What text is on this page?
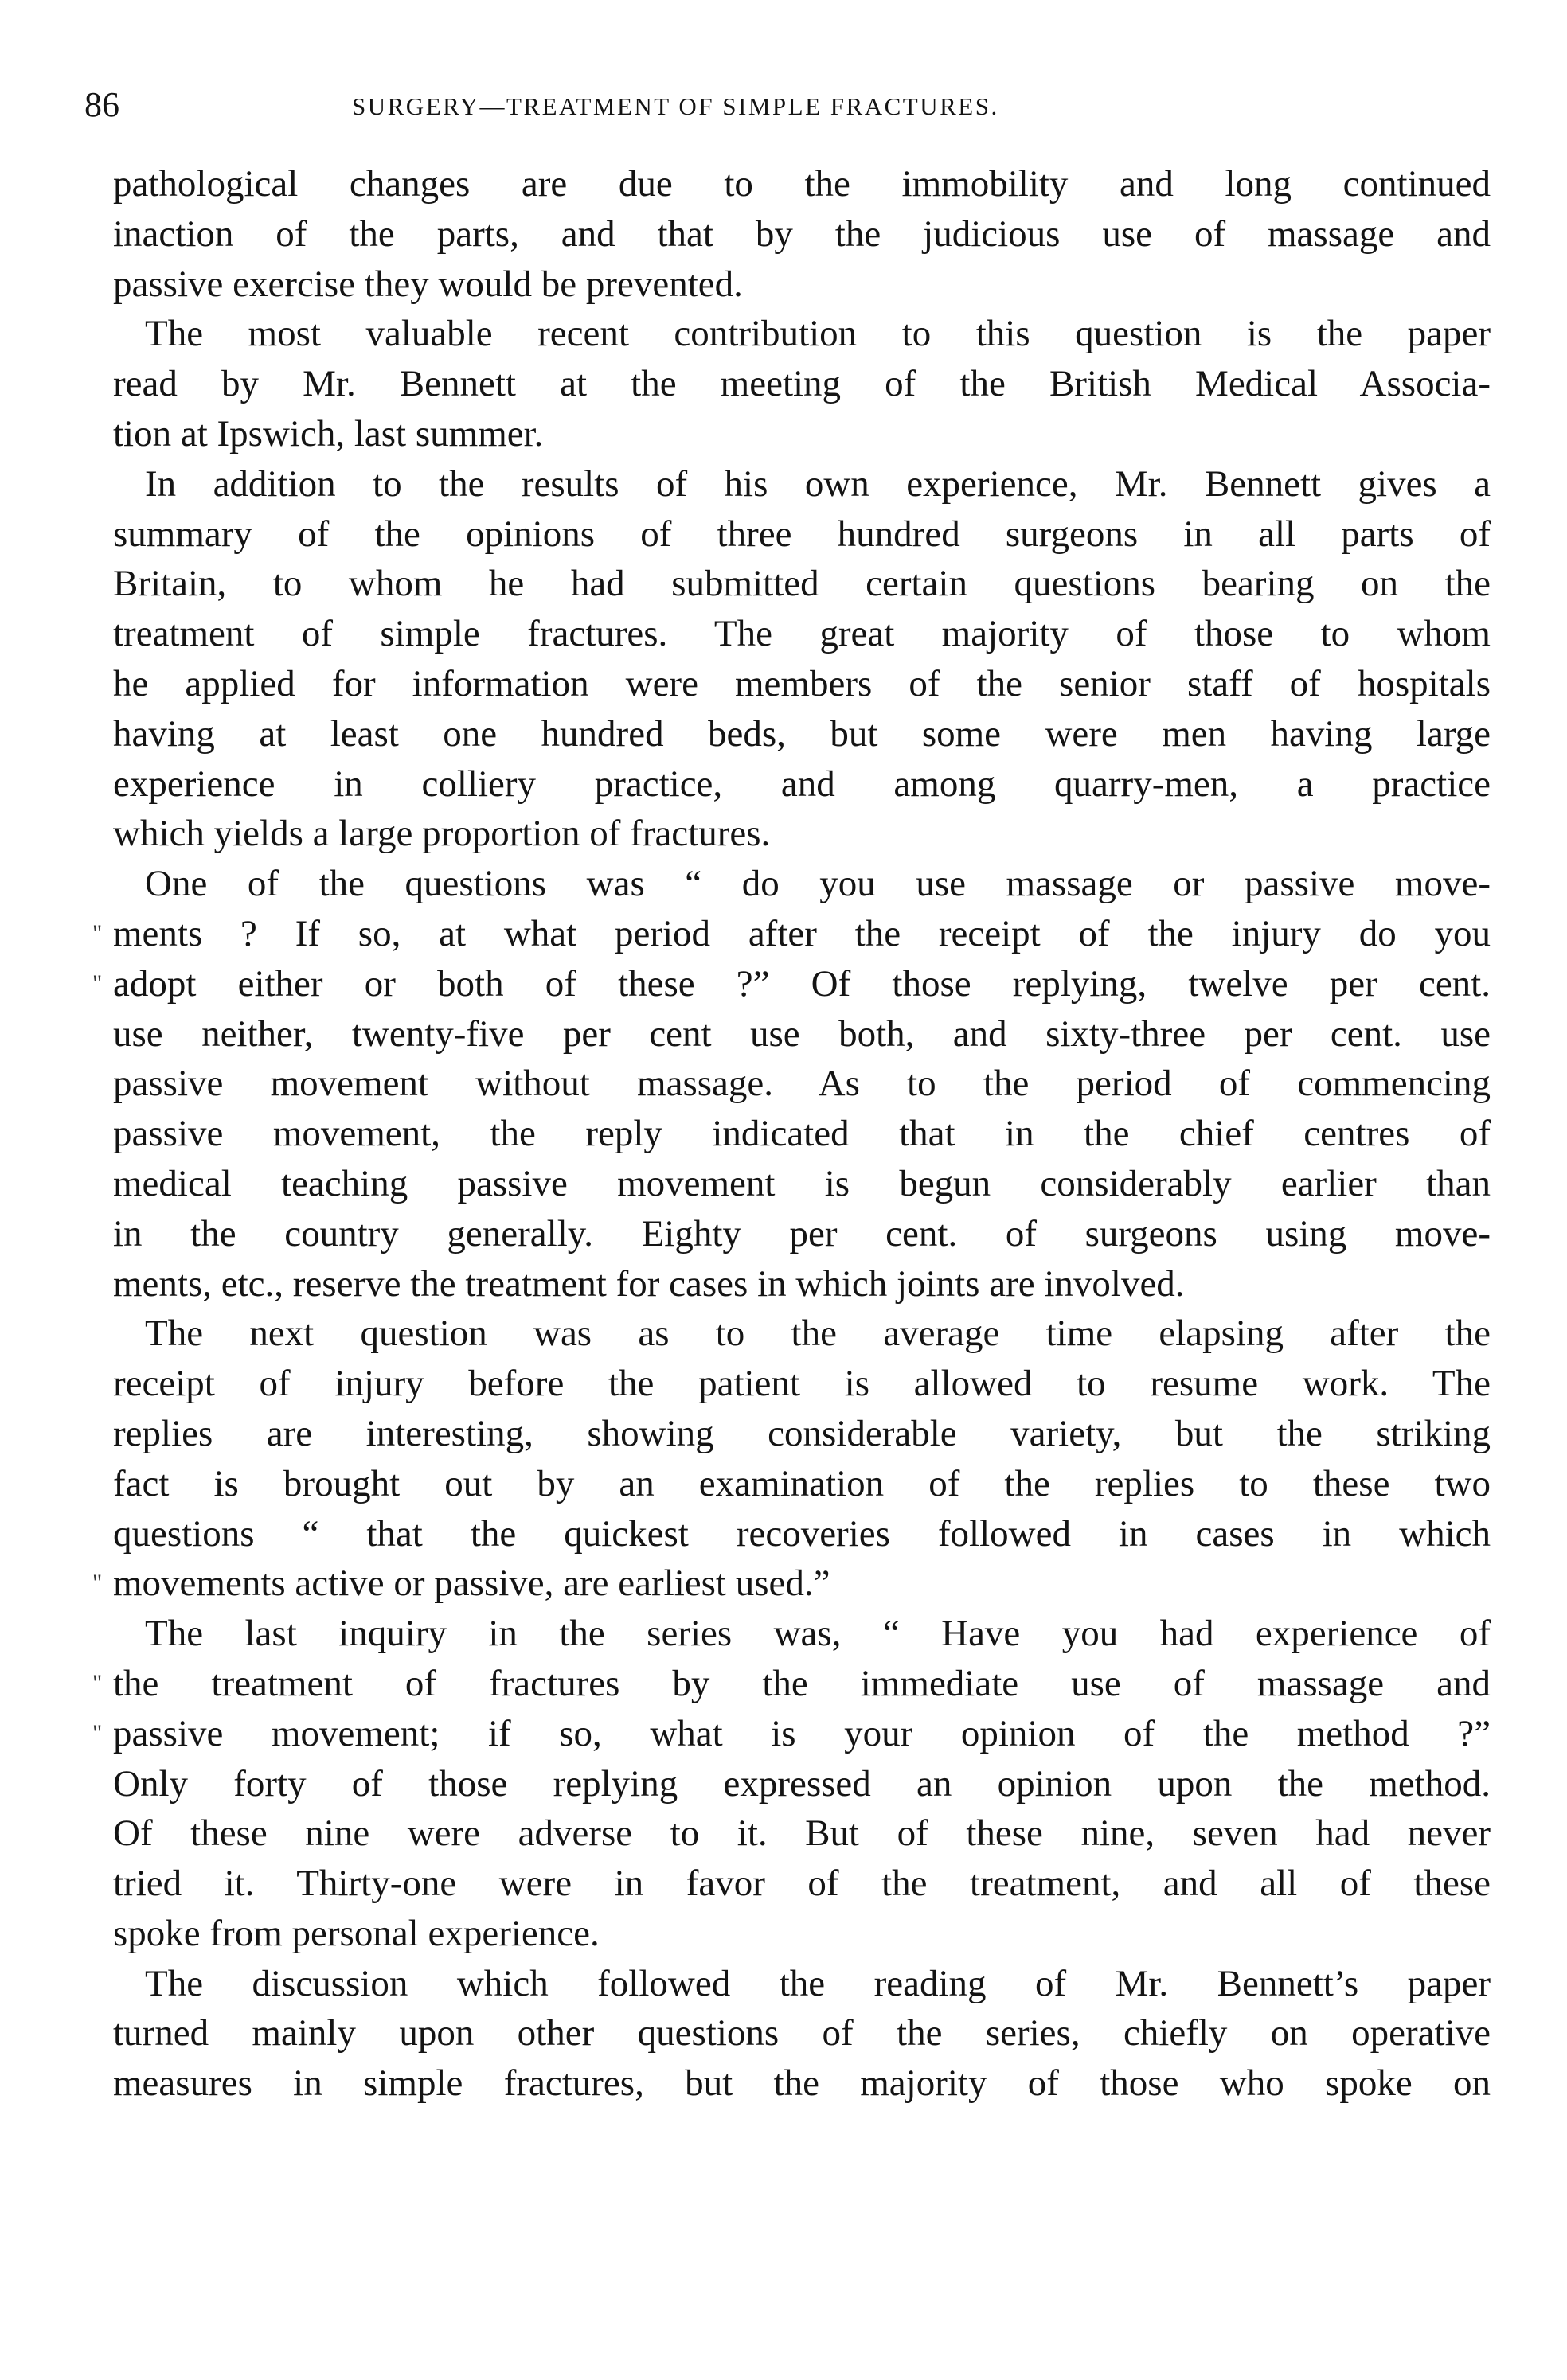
86	SURGERY—TREATMENT OF SIMPLE FRACTURES.
pathological changes are due to the immobility and long continued
inaction of the parts, and that by the judicious use of massage and
passive exercise they would be prevented.
The most valuable recent contribution to this question is the paper
read by Mr. Bennett at the meeting of the British Medical Associa-
tion at Ipswich, last summer.
In addition to the results of his own experience, Mr. Bennett gives a
summary of the opinions of three hundred surgeons in all parts of
Britain, to whom he had submitted certain questions bearing on the
treatment of simple fractures. The great majority of those to whom
he applied for information were members of the senior staff of hospitals
having at least one hundred beds, but some were men having large
experience in colliery practice, and among quarry-men, a practice
which yields a large proportion of fractures.
One of the questions was “ do you use massage or passive move-
" ments ? If so, at what period after the receipt of the injury do you
" adopt either or both of these ?” Of those replying, twelve per cent.
use neither, twenty-five per cent use both, and sixty-three per cent. use
passive movement without massage. As to the period of commencing
passive movement, the reply indicated that in the chief centres of
medical teaching passive movement is begun considerably earlier than
in the country generally. Eighty per cent. of surgeons using move-
ments, etc., reserve the treatment for cases in which joints are involved.
The next question was as to the average time elapsing after the
receipt of injury before the patient is allowed to resume work. The
replies are interesting, showing considerable variety, but the striking
fact is brought out by an examination of the replies to these two
questions “ that the quickest recoveries followed in cases in which
" movements active or passive, are earliest used.”
The last inquiry in the series was, “ Have you had experience of
" the treatment of fractures by the immediate use of massage and
" passive movement; if so, what is your opinion of the method ?”
Only forty of those replying expressed an opinion upon the method.
Of these nine were adverse to it. But of these nine, seven had never
tried it. Thirty-one were in favor of the treatment, and all of these
spoke from personal experience.
The discussion which followed the reading of Mr. Bennett’s paper
turned mainly upon other questions of the series, chiefly on operative
measures in simple fractures, but the majority of those who spoke on
